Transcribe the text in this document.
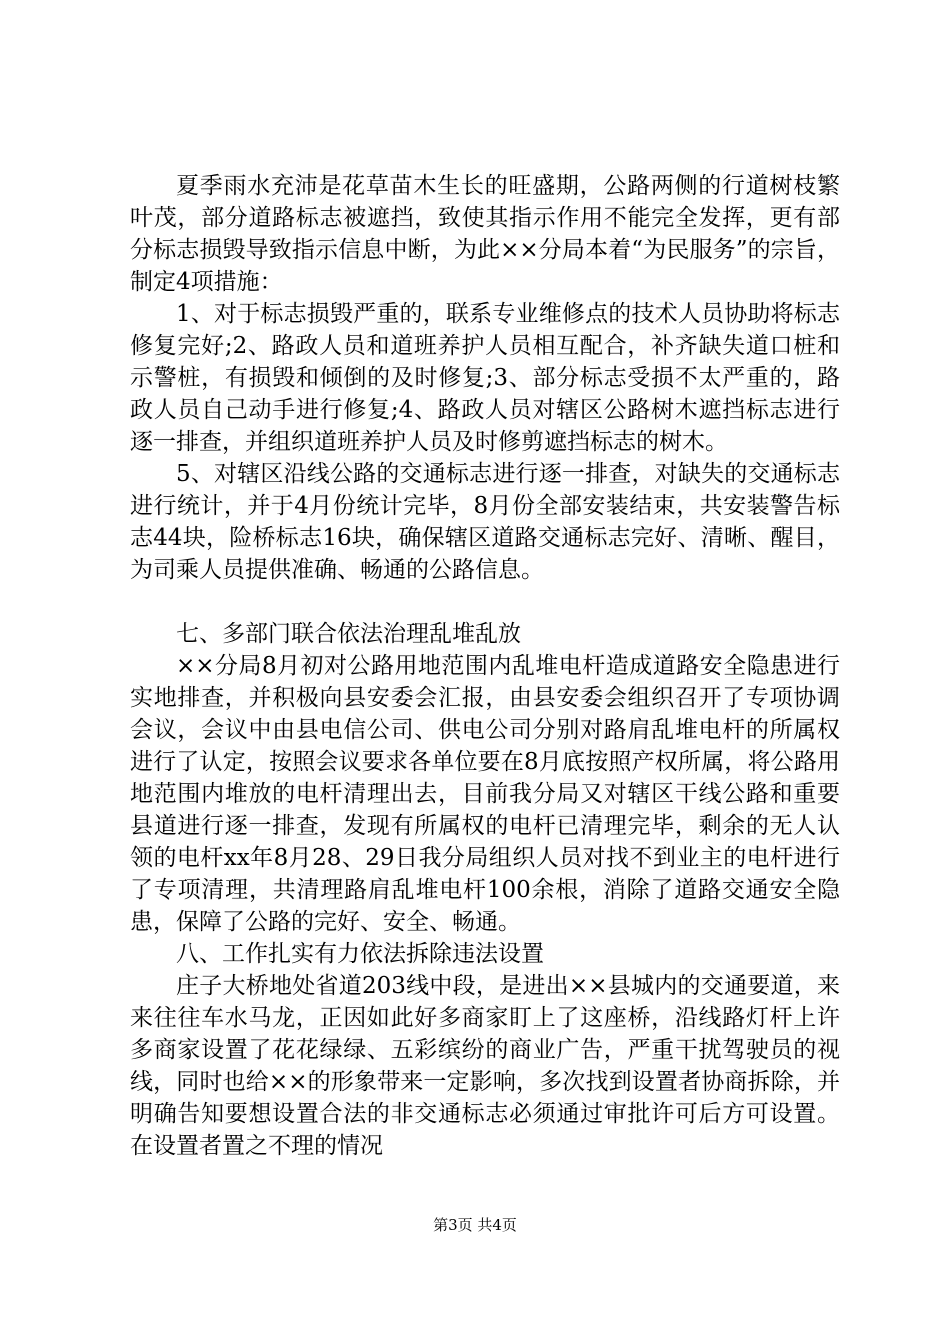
夏季雨水充沛是花草苗木生长的旺盛期，公路两侧的行道树枝繁叶茂，部分道路标志被遮挡，致使其指示作用不能完全发挥，更有部分标志损毁导致指示信息中断，为此××分局本着“为民服务”的宗旨，制定4项措施：

1、对于标志损毁严重的，联系专业维修点的技术人员协助将标志修复完好;2、路政人员和道班养护人员相互配合，补齐缺失道口桩和示警桩，有损毁和倾倒的及时修复;3、部分标志受损不太严重的，路政人员自己动手进行修复;4、路政人员对辖区公路树木遮挡标志进行逐一排查，并组织道班养护人员及时修剪遮挡标志的树木。

5、对辖区沿线公路的交通标志进行逐一排查，对缺失的交通标志进行统计，并于4月份统计完毕，8月份全部安装结束，共安装警告标志44块，险桥标志16块，确保辖区道路交通标志完好、清晰、醒目，为司乘人员提供准确、畅通的公路信息。

七、多部门联合依法治理乱堆乱放

××分局8月初对公路用地范围内乱堆电杆造成道路安全隐患进行实地排查，并积极向县安委会汇报，由县安委会组织召开了专项协调会议，会议中由县电信公司、供电公司分别对路肩乱堆电杆的所属权进行了认定，按照会议要求各单位要在8月底按照产权所属，将公路用地范围内堆放的电杆清理出去，目前我分局又对辖区干线公路和重要县道进行逐一排查，发现有所属权的电杆已清理完毕，剩余的无人认领的电杆xx年8月28、29日我分局组织人员对找不到业主的电杆进行了专项清理，共清理路肩乱堆电杆100余根，消除了道路交通安全隐患，保障了公路的完好、安全、畅通。

八、工作扎实有力依法拆除违法设置

庄子大桥地处省道203线中段，是进出××县城内的交通要道，来来往往车水马龙，正因如此好多商家盯上了这座桥，沿线路灯杆上许多商家设置了花花绿绿、五彩缤纷的商业广告，严重干扰驾驶员的视线，同时也给××的形象带来一定影响，多次找到设置者协商拆除，并明确告知要想设置合法的非交通标志必须通过审批许可后方可设置。在设置者置之不理的情况

第3页 共4页
